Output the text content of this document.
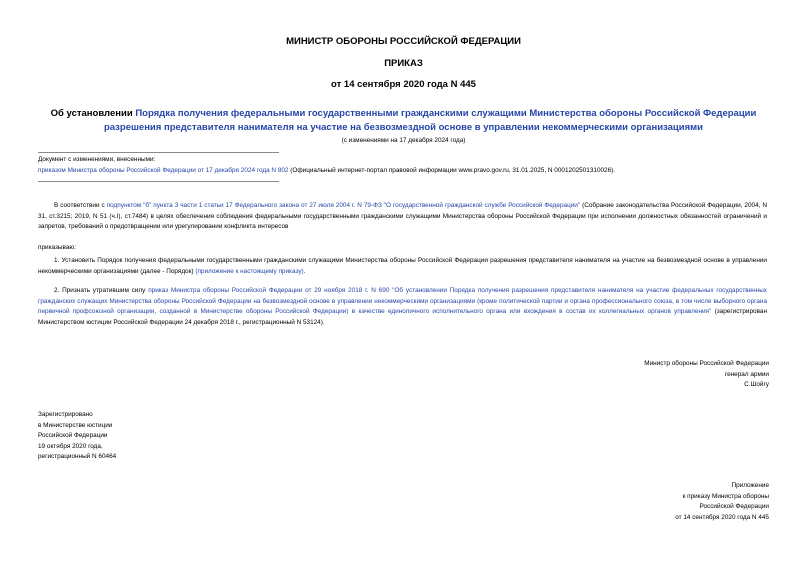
МИНИСТР ОБОРОНЫ РОССИЙСКОЙ ФЕДЕРАЦИИ
ПРИКАЗ
от 14 сентября 2020 года N 445
Об установлении Порядка получения федеральными государственными гражданскими служащими Министерства обороны Российской Федерации разрешения представителя нанимателя на участие на безвозмездной основе в управлении некоммерческими организациями
(с изменениями на 17 декабря 2024 года)
Документ с изменениями, внесенными:
приказом Министра обороны Российской Федерации от 17 декабря 2024 года N 802 (Официальный интернет-портал правовой информации www.pravo.gov.ru, 31.01.2025, N 0001202501310026).
В соответствии с подпунктом "б" пункта 3 части 1 статьи 17 Федерального закона от 27 июля 2004 г. N 79-ФЗ "О государственной гражданской службе Российской Федерации" (Собрание законодательства Российской Федерации, 2004, N 31, ст.3215; 2019, N 51 (ч.I), ст.7484) в целях обеспечения соблюдения федеральными государственными гражданскими служащими Министерства обороны Российской Федерации при исполнении должностных обязанностей ограничений и запретов, требований о предотвращении или урегулировании конфликта интересов
приказываю:
1. Установить Порядок получения федеральными государственными гражданскими служащими Министерства обороны Российской Федерации разрешения представителя нанимателя на участие на безвозмездной основе в управлении некоммерческими организациями (далее - Порядок) (приложение к настоящему приказу).
2. Признать утратившим силу приказ Министра обороны Российской Федерации от 29 ноября 2018 г. N 690 "Об установлении Порядка получения разрешения представителя нанимателя на участие федеральных государственных гражданских служащих Министерства обороны Российской Федерации на безвозмездной основе в управлении некоммерческими организациями (кроме политической партии и органа профессионального союза, в том числе выборного органа первичной профсоюзной организации, созданной в Министерстве обороны Российской Федерации) в качестве единоличного исполнительного органа или вхождения в состав их коллегиальных органов управления" (зарегистрирован Министерством юстиции Российской Федерации 24 декабря 2018 г., регистрационный N 53124).
Министр обороны Российской Федерации
генерал армии
С.Шойгу
Зарегистрировано
в Министерстве юстиции
Российской Федерации
19 октября 2020 года,
регистрационный N 60464
Приложение
к приказу Министра обороны
Российской Федерации
от 14 сентября 2020 года N 445
